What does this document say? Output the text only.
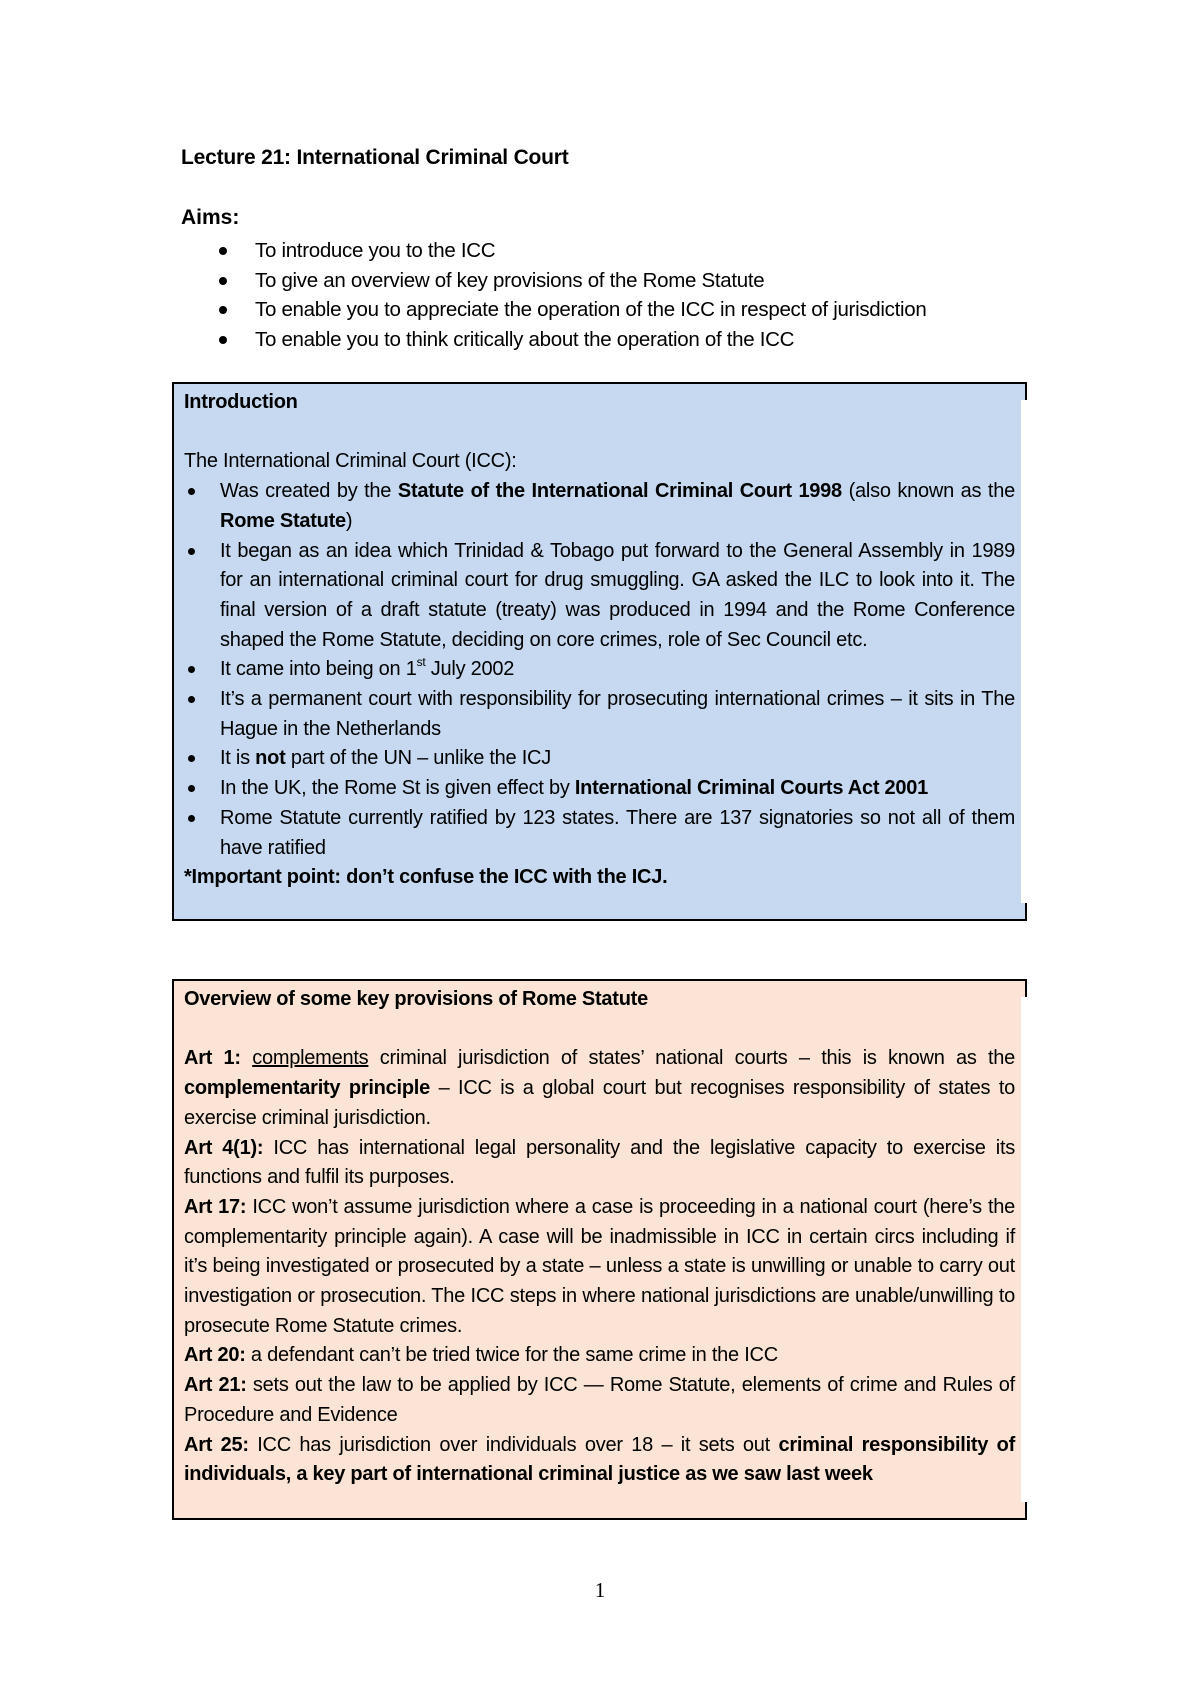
Lecture 21: International Criminal Court
Aims:
To introduce you to the ICC
To give an overview of key provisions of the Rome Statute
To enable you to appreciate the operation of the ICC in respect of jurisdiction
To enable you to think critically about the operation of the ICC
Introduction
The International Criminal Court (ICC):
Was created by the Statute of the International Criminal Court 1998 (also known as the Rome Statute)
It began as an idea which Trinidad & Tobago put forward to the General Assembly in 1989 for an international criminal court for drug smuggling. GA asked the ILC to look into it. The final version of a draft statute (treaty) was produced in 1994 and the Rome Conference shaped the Rome Statute, deciding on core crimes, role of Sec Council etc.
It came into being on 1st July 2002
It’s a permanent court with responsibility for prosecuting international crimes – it sits in The Hague in the Netherlands
It is not part of the UN – unlike the ICJ
In the UK, the Rome St is given effect by International Criminal Courts Act 2001
Rome Statute currently ratified by 123 states. There are 137 signatories so not all of them have ratified
*Important point: don’t confuse the ICC with the ICJ.
Overview of some key provisions of Rome Statute
Art 1: complements criminal jurisdiction of states’ national courts – this is known as the complementarity principle – ICC is a global court but recognises responsibility of states to exercise criminal jurisdiction.
Art 4(1): ICC has international legal personality and the legislative capacity to exercise its functions and fulfil its purposes.
Art 17: ICC won’t assume jurisdiction where a case is proceeding in a national court (here’s the complementarity principle again). A case will be inadmissible in ICC in certain circs including if it’s being investigated or prosecuted by a state – unless a state is unwilling or unable to carry out investigation or prosecution. The ICC steps in where national jurisdictions are unable/unwilling to prosecute Rome Statute crimes.
Art 20: a defendant can’t be tried twice for the same crime in the ICC
Art 21: sets out the law to be applied by ICC — Rome Statute, elements of crime and Rules of Procedure and Evidence
Art 25: ICC has jurisdiction over individuals over 18 – it sets out criminal responsibility of individuals, a key part of international criminal justice as we saw last week
1
